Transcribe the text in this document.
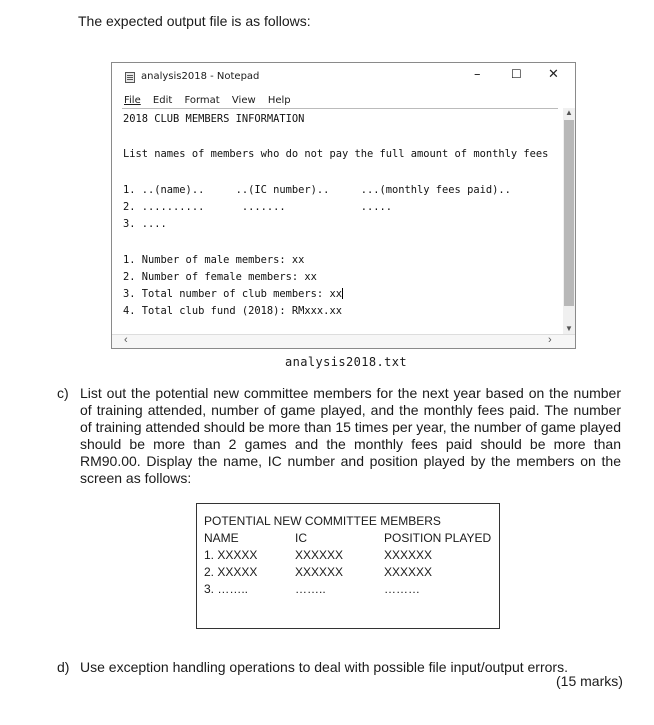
The expected output file is as follows:
analysis2018 - Notepad	–	☐ ✕
File Edit Format View Help
2018 CLUB MEMBERS INFORMATION
List names of members who do not pay the full amount of monthly fees
1. ..(name)..     ..(IC number)..     ...(monthly fees paid)..
2. ..........      .......            .....
3. ....
1. Number of male members: xx
2. Number of female members: xx
3. Total number of club members: xx
4. Total club fund (2018): RMxxx.xx
▲
▼
‹	›
analysis2018.txt
c) List out the potential new committee members for the next year based on the number of training attended, number of game played, and the monthly fees paid. The number of training attended should be more than 15 times per year, the number of game played should be more than 2 games and the monthly fees paid should be more than RM90.00. Display the name, IC number and position played by the members on the screen as follows:
POTENTIAL NEW COMMITTEE MEMBERS
NAME	IC	POSITION PLAYED
1. XXXXX	XXXXXX	XXXXXX
2. XXXXX	XXXXXX	XXXXXX
3. ……..	……..	………
d) Use exception handling operations to deal with possible file input/output errors.
(15 marks)
